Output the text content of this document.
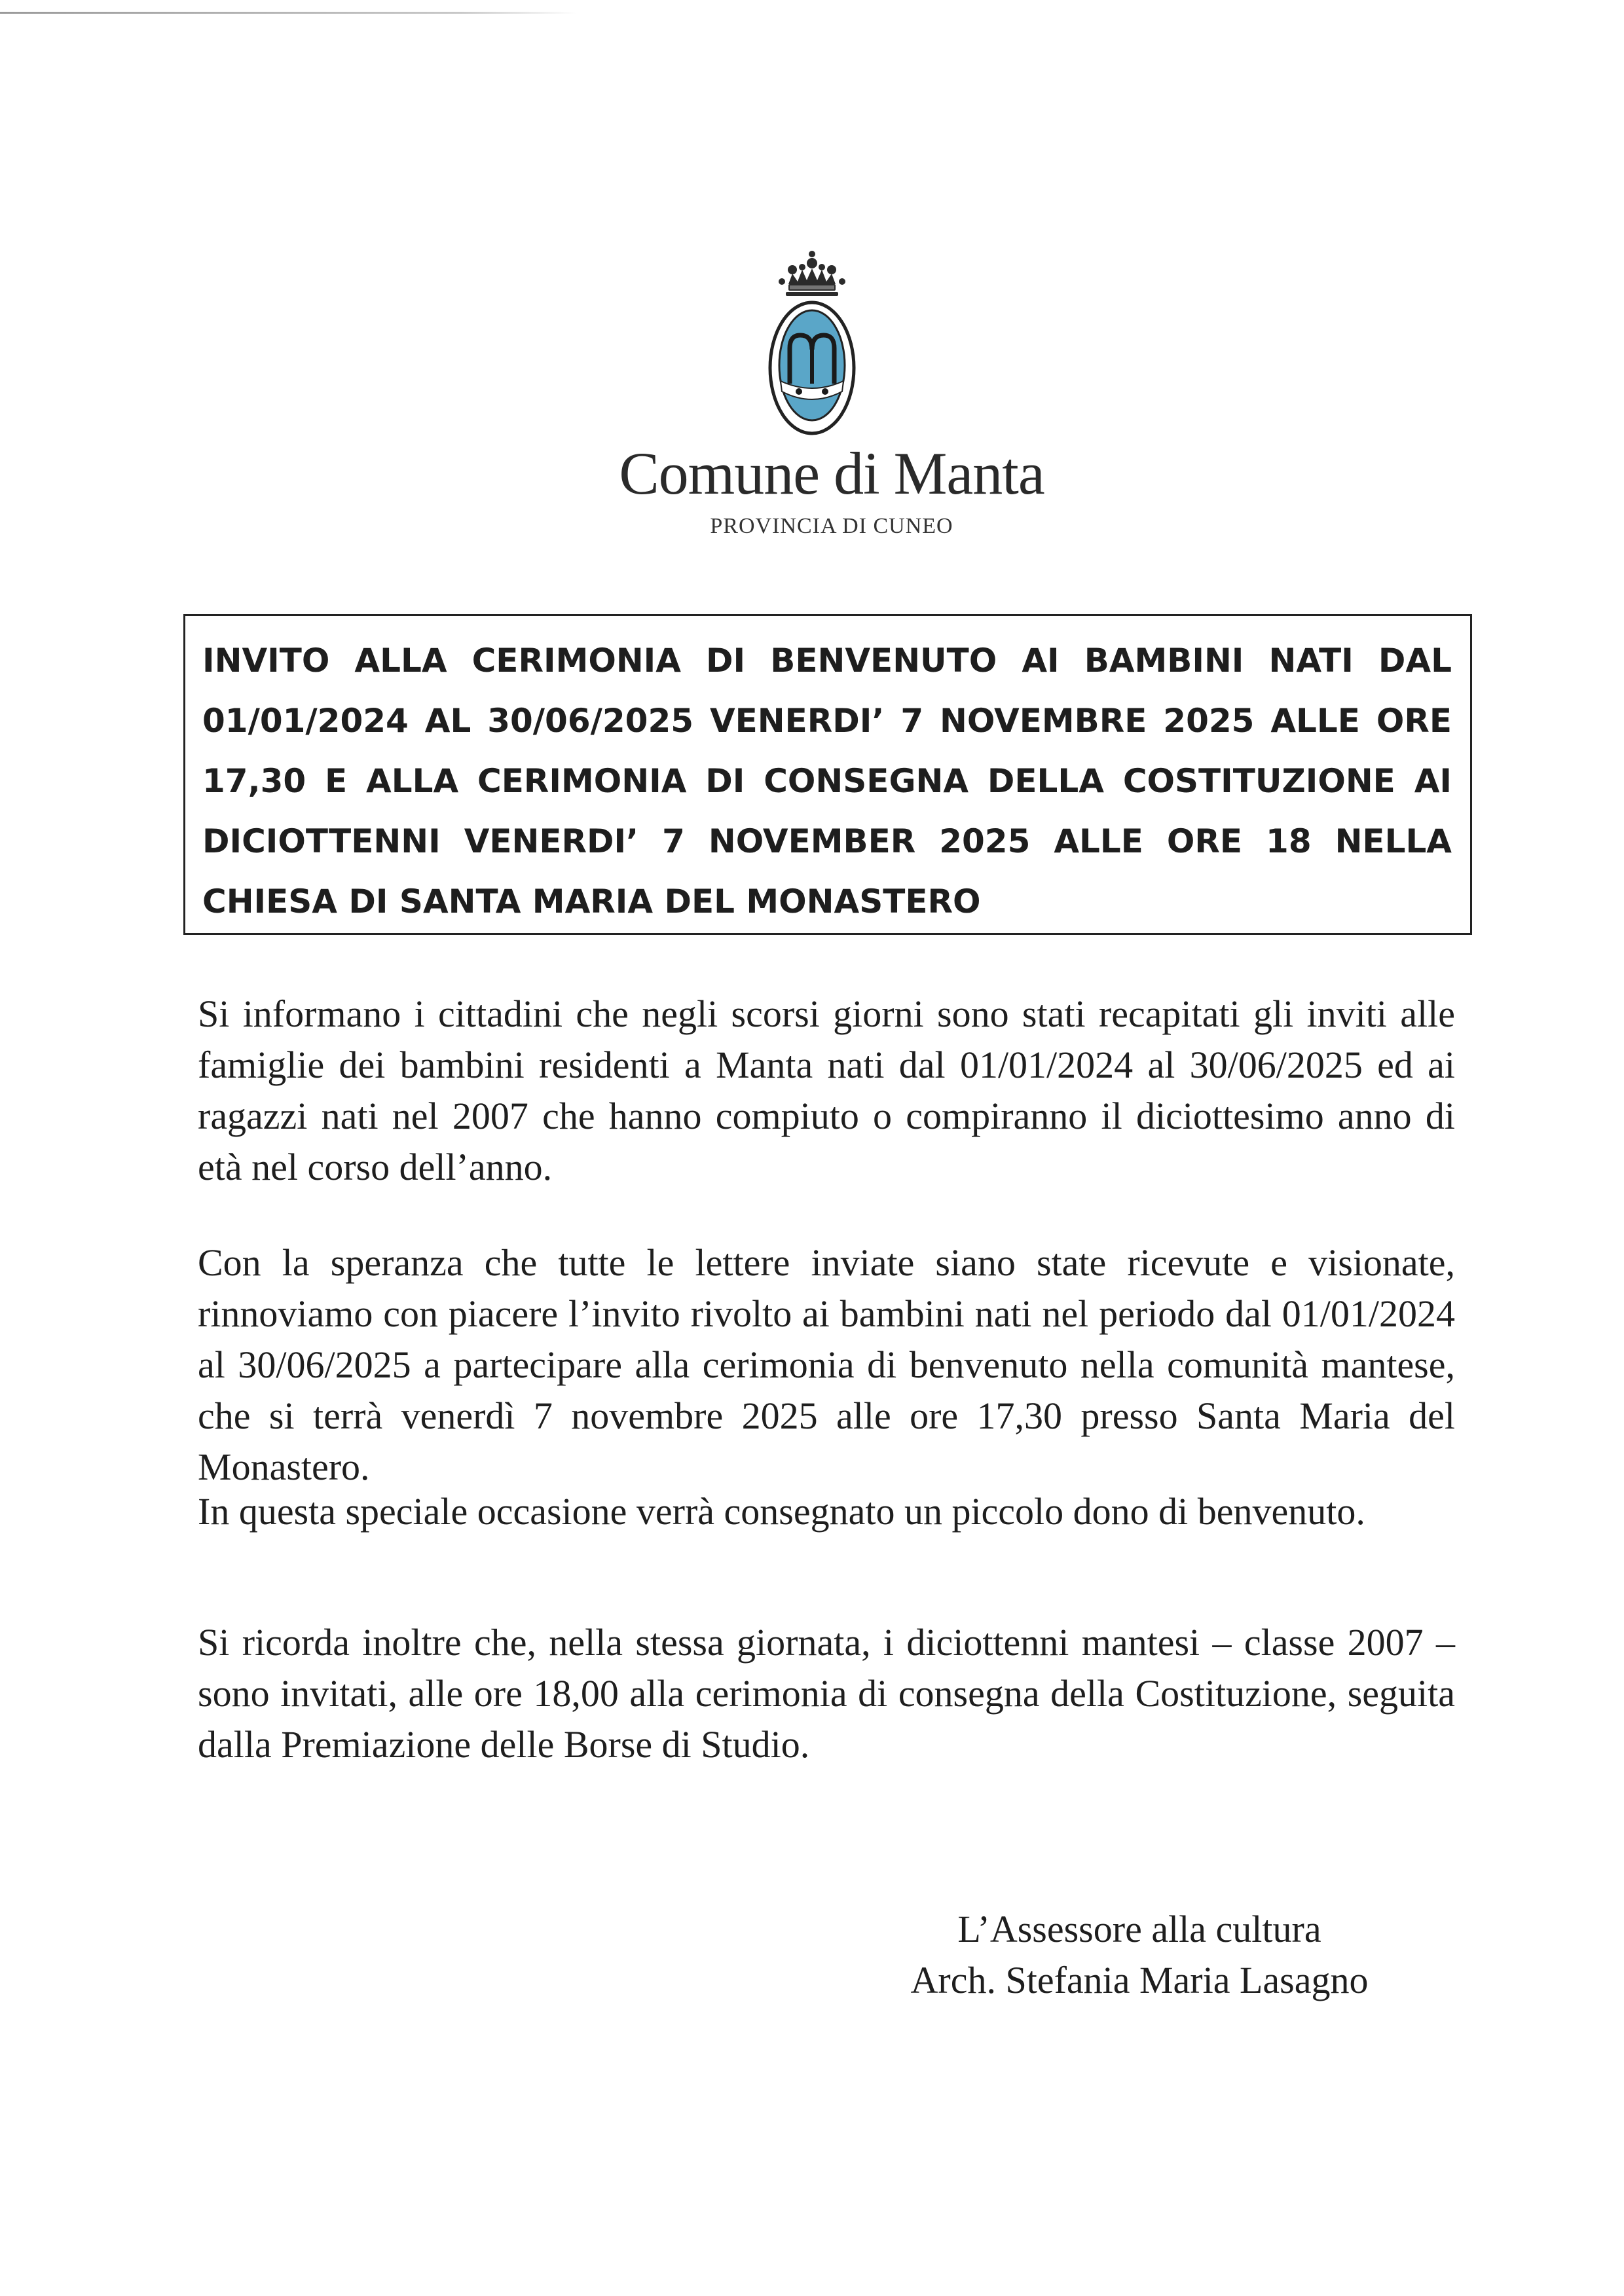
Comune di Manta
PROVINCIA DI CUNEO

INVITO ALLA CERIMONIA DI BENVENUTO AI BAMBINI NATI DAL 01/01/2024 AL 30/06/2025 VENERDI’ 7 NOVEMBRE 2025 ALLE ORE 17,30 E ALLA CERIMONIA DI CONSEGNA DELLA COSTITUZIONE AI DICIOTTENNI VENERDI’ 7 NOVEMBER 2025 ALLE ORE 18 NELLA CHIESA DI SANTA MARIA DEL MONASTERO

Si informano i cittadini che negli scorsi giorni sono stati recapitati gli inviti alle famiglie dei bambini residenti a Manta nati dal 01/01/2024 al 30/06/2025 ed ai ragazzi nati nel 2007 che hanno compiuto o compiranno il diciottesimo anno di età nel corso dell’anno.

Con la speranza che tutte le lettere inviate siano state ricevute e visionate, rinnoviamo con piacere l’invito rivolto ai bambini nati nel periodo dal 01/01/2024 al 30/06/2025 a partecipare alla cerimonia di benvenuto nella comunità mantese, che si terrà venerdì 7 novembre 2025 alle ore 17,30 presso Santa Maria del Monastero.

In questa speciale occasione verrà consegnato un piccolo dono di benvenuto.

Si ricorda inoltre che, nella stessa giornata, i diciottenni mantesi – classe 2007 – sono invitati, alle ore 18,00 alla cerimonia di consegna della Costituzione, seguita dalla Premiazione delle Borse di Studio.

L’Assessore alla cultura
Arch. Stefania Maria Lasagno
